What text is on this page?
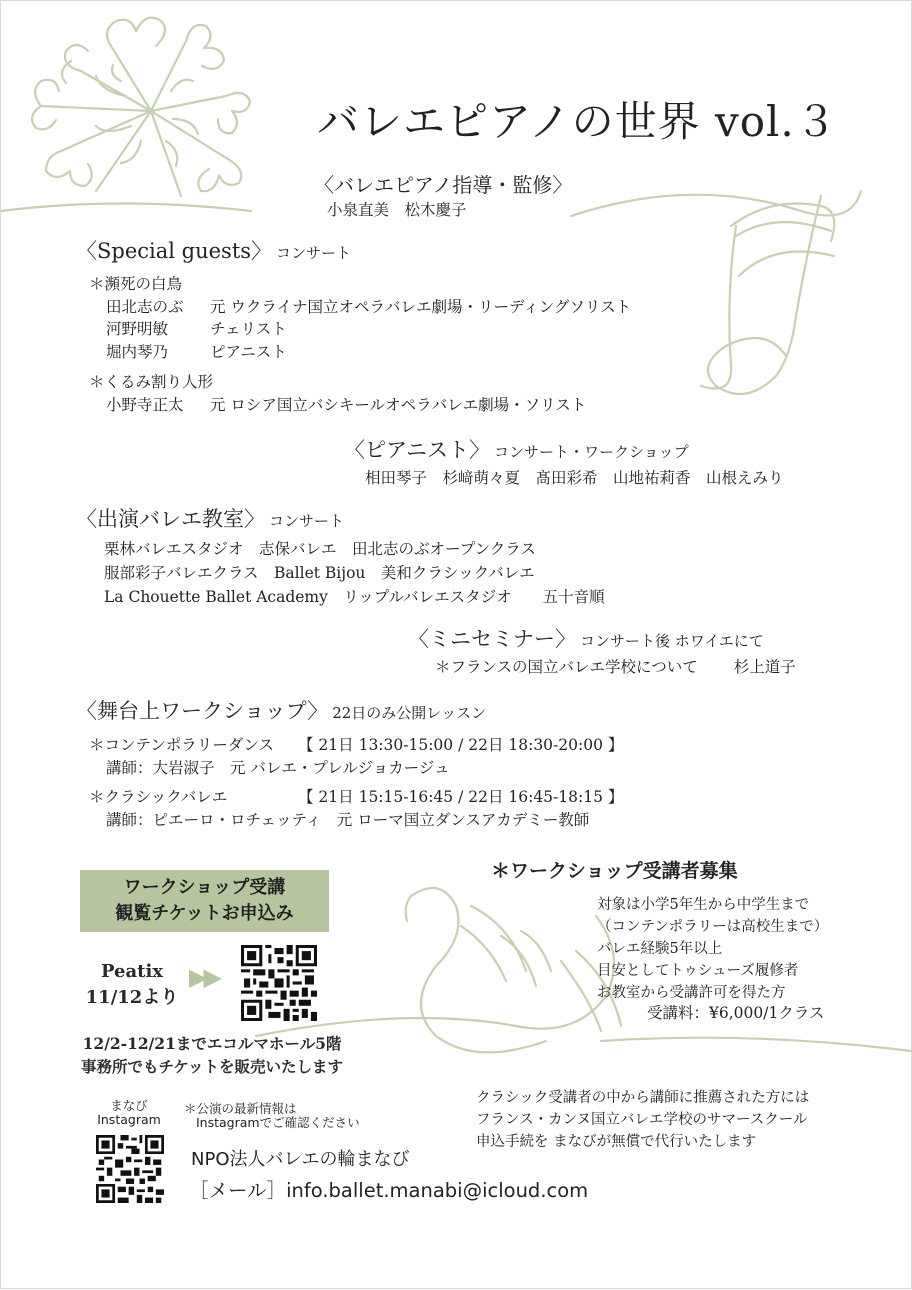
バレエピアノの世界 vol.３
〈バレエピアノ指導・監修〉
小泉直美　松木慶子
〈Special guests〉 コンサート
＊瀕死の白鳥
田北志のぶ	元 ウクライナ国立オペラバレエ劇場・リーディングソリスト
河野明敏	チェリスト
堀内琴乃	ピアニスト
＊くるみ割り人形
小野寺正太	元 ロシア国立バシキールオペラバレエ劇場・ソリスト
〈ピアニスト〉 コンサート・ワークショップ
相田琴子　杉﨑萌々夏　髙田彩希　山地祐莉香　山根えみり
〈出演バレエ教室〉 コンサート
栗林バレエスタジオ　志保バレエ　田北志のぶオープンクラス
服部彩子バレエクラス　Ballet Bijou　美和クラシックバレエ
La Chouette Ballet Academy　リップルバレエスタジオ　　五十音順
〈ミニセミナー〉 コンサート後 ホワイエにて
＊フランスの国立バレエ学校について 杉上道子
〈舞台上ワークショップ〉 22日のみ公開レッスン
＊コンテンポラリーダンス 【 21日 13:30-15:00 / 22日 18:30-20:00 】
講師：大岩淑子　元 バレエ・プレルジョカージュ
＊クラシックバレエ	【 21日 15:15-16:45 / 22日 16:45-18:15 】
講師：ピエーロ・ロチェッティ　元 ローマ国立ダンスアカデミー教師
ワークショップ受講
観覧チケットお申込み
Peatix
11/12より
▶▶
12/2-12/21までエコルマホール5階
事務所でもチケットを販売いたします
＊ワークショップ受講者募集
対象は小学5年生から中学生まで
（コンテンポラリーは高校生まで）
バレエ経験5年以上
目安としてトゥシューズ履修者
お教室から受講許可を得た方
受講料：¥6,000/1クラス
クラシック受講者の中から講師に推薦された方には
フランス・カンヌ国立バレエ学校のサマースクール
申込手続を まなびが無償で代行いたします
まなび
Instagram
＊公演の最新情報は
Instagramでご確認ください
NPO法人バレエの輪まなび
［メール］info.ballet.manabi@icloud.com
